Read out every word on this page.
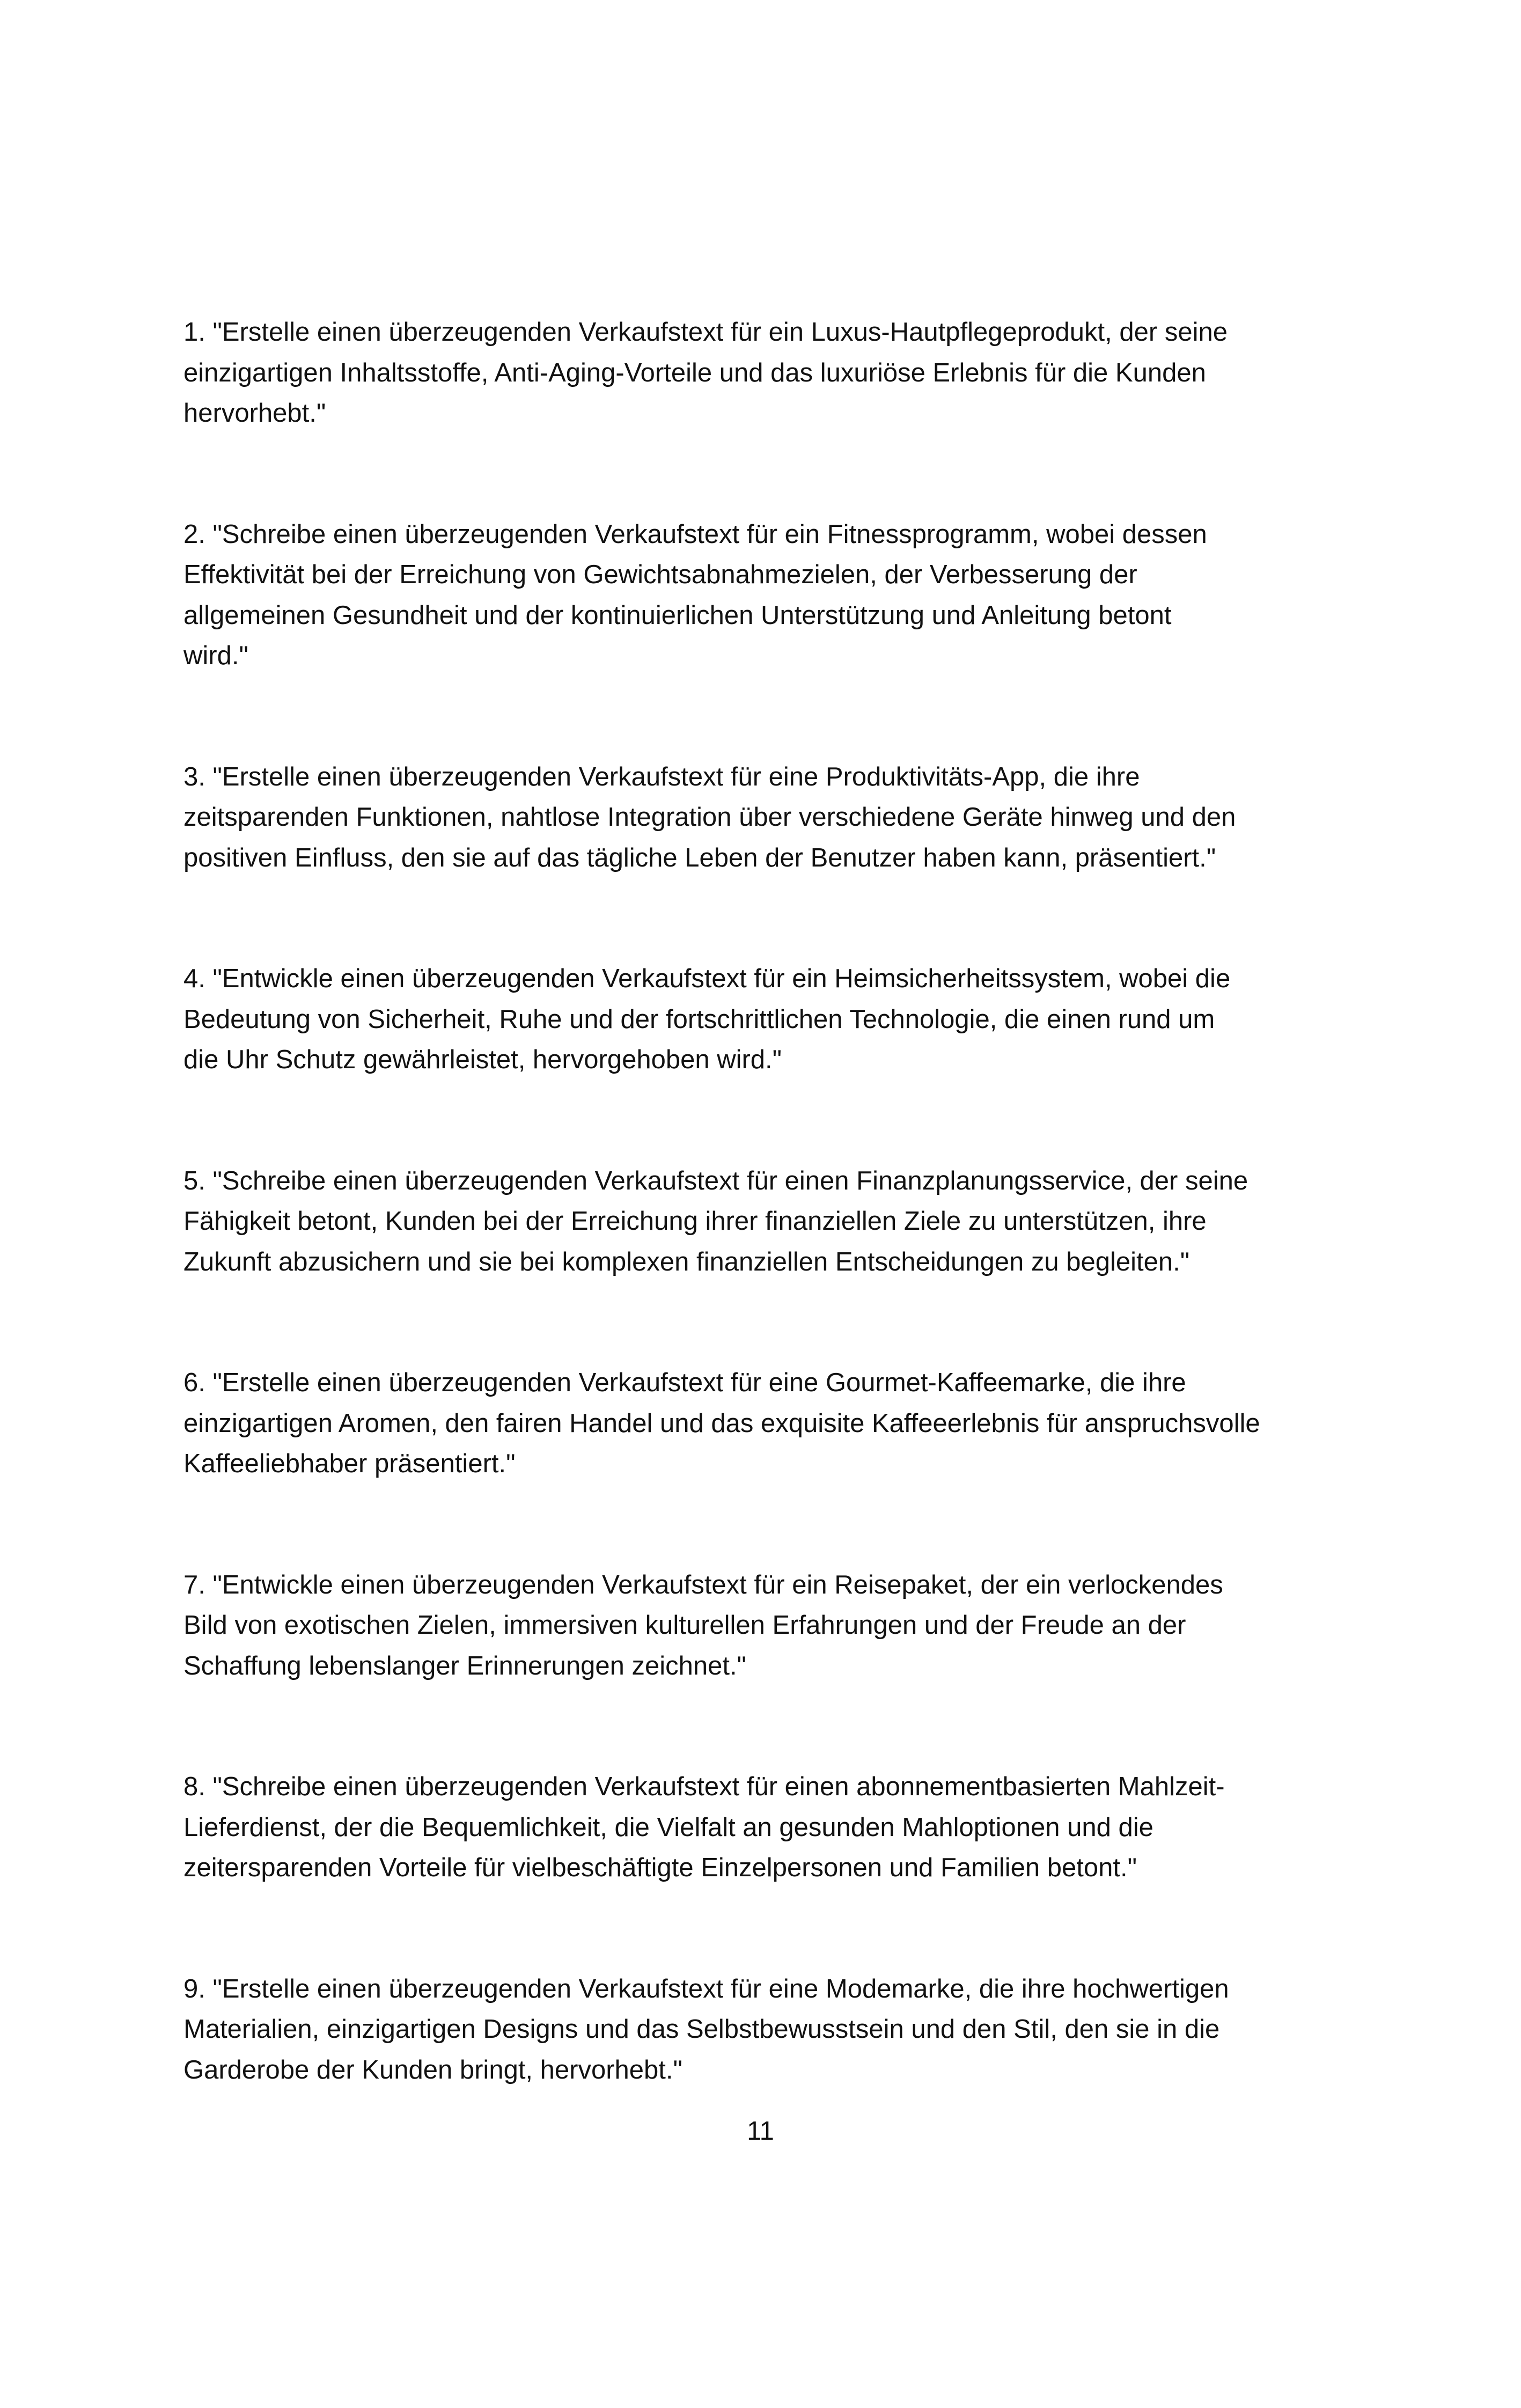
1. "Erstelle einen überzeugenden Verkaufstext für ein Luxus-Hautpflegeprodukt, der seine
einzigartigen Inhaltsstoffe, Anti-Aging-Vorteile und das luxuriöse Erlebnis für die Kunden
hervorhebt."

2. "Schreibe einen überzeugenden Verkaufstext für ein Fitnessprogramm, wobei dessen
Effektivität bei der Erreichung von Gewichtsabnahmezielen, der Verbesserung der
allgemeinen Gesundheit und der kontinuierlichen Unterstützung und Anleitung betont
wird."

3. "Erstelle einen überzeugenden Verkaufstext für eine Produktivitäts-App, die ihre
zeitsparenden Funktionen, nahtlose Integration über verschiedene Geräte hinweg und den
positiven Einfluss, den sie auf das tägliche Leben der Benutzer haben kann, präsentiert."

4. "Entwickle einen überzeugenden Verkaufstext für ein Heimsicherheitssystem, wobei die
Bedeutung von Sicherheit, Ruhe und der fortschrittlichen Technologie, die einen rund um
die Uhr Schutz gewährleistet, hervorgehoben wird."

5. "Schreibe einen überzeugenden Verkaufstext für einen Finanzplanungsservice, der seine
Fähigkeit betont, Kunden bei der Erreichung ihrer finanziellen Ziele zu unterstützen, ihre
Zukunft abzusichern und sie bei komplexen finanziellen Entscheidungen zu begleiten."

6. "Erstelle einen überzeugenden Verkaufstext für eine Gourmet-Kaffeemarke, die ihre
einzigartigen Aromen, den fairen Handel und das exquisite Kaffeeerlebnis für anspruchsvolle
Kaffeeliebhaber präsentiert."

7. "Entwickle einen überzeugenden Verkaufstext für ein Reisepaket, der ein verlockendes
Bild von exotischen Zielen, immersiven kulturellen Erfahrungen und der Freude an der
Schaffung lebenslanger Erinnerungen zeichnet."

8. "Schreibe einen überzeugenden Verkaufstext für einen abonnementbasierten Mahlzeit-
Lieferdienst, der die Bequemlichkeit, die Vielfalt an gesunden Mahloptionen und die
zeitersparenden Vorteile für vielbeschäftigte Einzelpersonen und Familien betont."

9. "Erstelle einen überzeugenden Verkaufstext für eine Modemarke, die ihre hochwertigen
Materialien, einzigartigen Designs und das Selbstbewusstsein und den Stil, den sie in die
Garderobe der Kunden bringt, hervorhebt."

11
